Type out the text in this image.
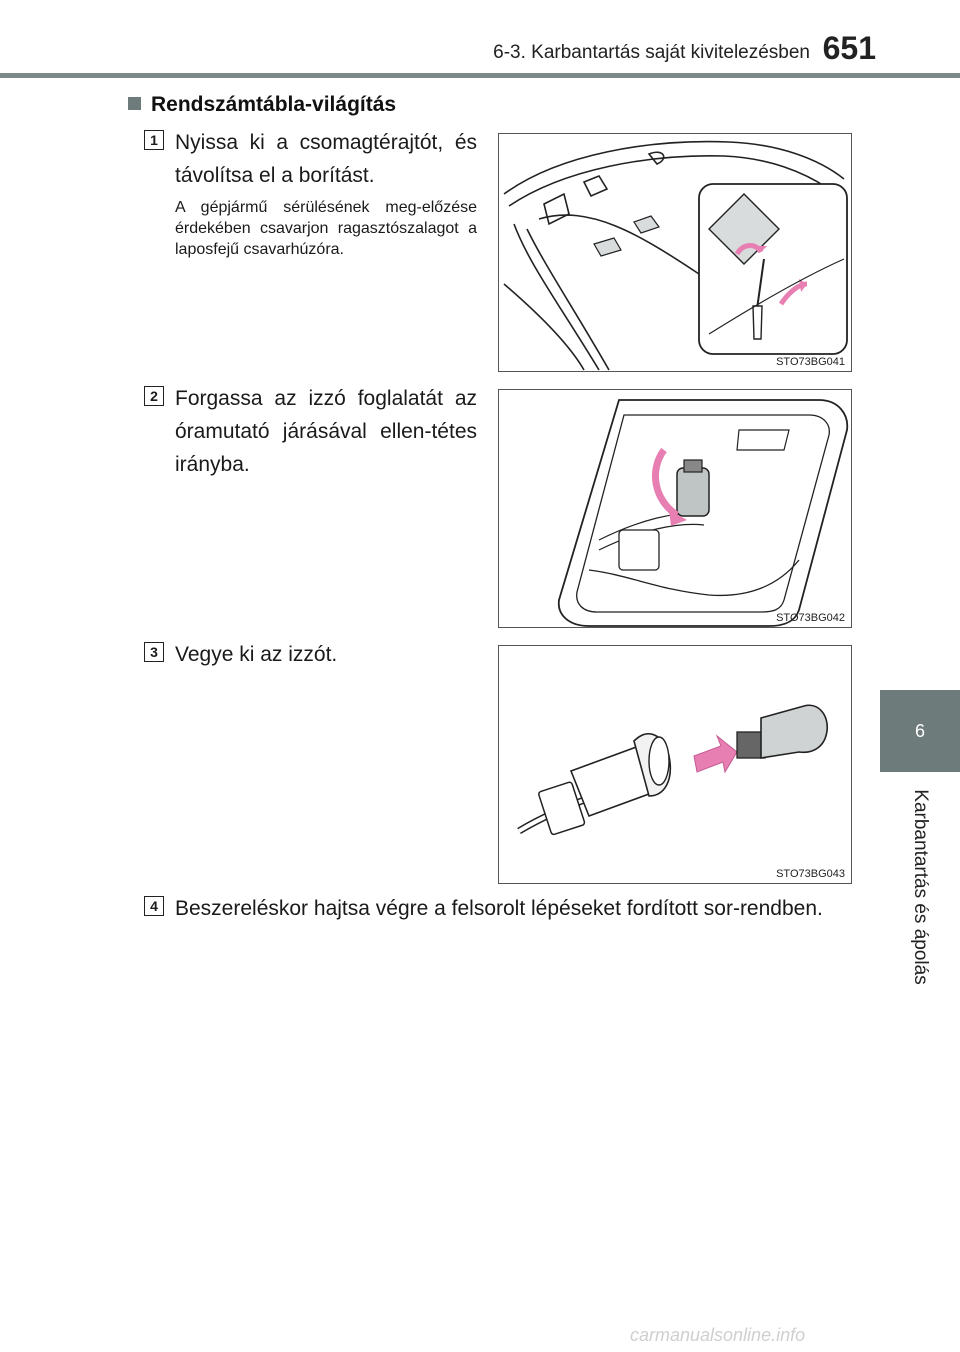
6-3. Karbantartás saját kivitelezésben 651
6
Karbantartás és ápolás
Rendszámtábla-világítás
1 Nyissa ki a csomagtérajtót, és távolítsa el a borítást.
A gépjármű sérülésének meg-előzése érdekében csavarjon ragasztószalagot a laposfejű csavarhúzóra.
STO73BG041
2 Forgassa az izzó foglalatát az óramutató járásával ellen-tétes irányba.
STO73BG042
3 Vegye ki az izzót.
STO73BG043
4 Beszereléskor hajtsa végre a felsorolt lépéseket fordított sor-rendben.
carmanualsonline.info
